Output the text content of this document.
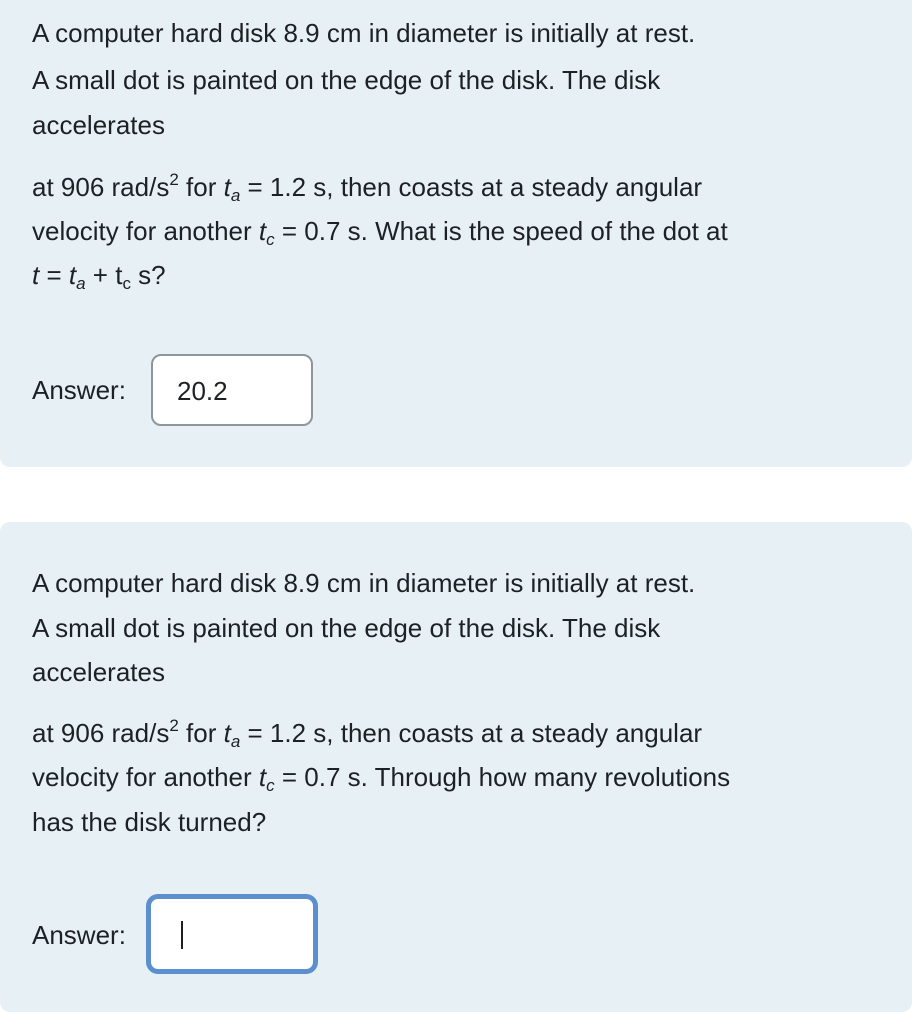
A computer hard disk 8.9 cm in diameter is initially at rest.
A small dot is painted on the edge of the disk. The disk
accelerates
at 906 rad/$s^2$ for $t_a = 1.2$ s, then coasts at a steady angular
velocity for another $t_c = 0.7$ s. What is the speed of the dot at
$t = t_a + t_c$ s?
Answer:	20.2
A computer hard disk 8.9 cm in diameter is initially at rest.
A small dot is painted on the edge of the disk. The disk
accelerates
at 906 rad/$s^2$ for $t_a = 1.2$ s, then coasts at a steady angular
velocity for another $t_c = 0.7$ s. Through how many revolutions
has the disk turned?
Answer:
